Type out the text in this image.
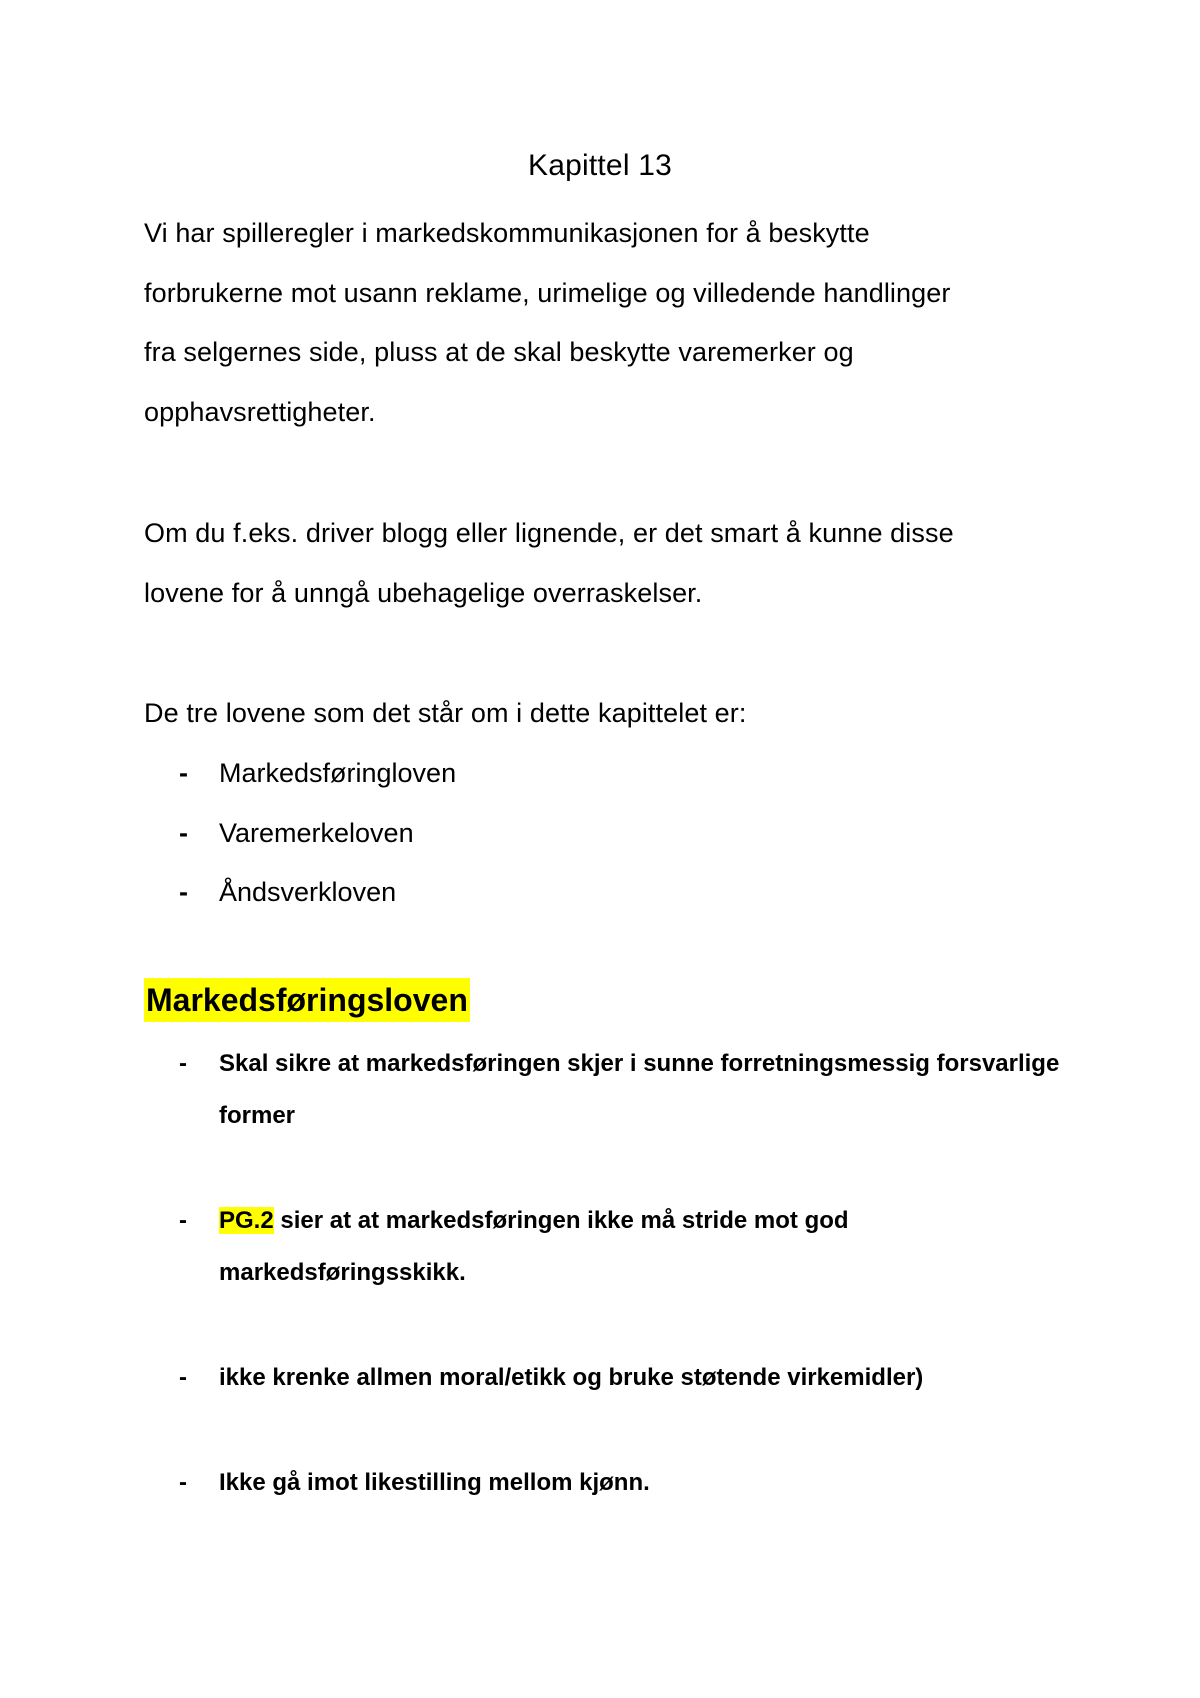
Kapittel 13
Vi har spilleregler i markedskommunikasjonen for å beskytte
forbrukerne mot usann reklame, urimelige og villedende handlinger
fra selgernes side, pluss at de skal beskytte varemerker og
opphavsrettigheter.
Om du f.eks. driver blogg eller lignende, er det smart å kunne disse
lovene for å unngå ubehagelige overraskelser.
De tre lovene som det står om i dette kapittelet er:
- Markedsføringloven
- Varemerkeloven
- Åndsverkloven
Markedsføringsloven
-	Skal sikre at markedsføringen skjer i sunne forretningsmessig forsvarlige
former
-	PG.2 sier at at markedsføringen ikke må stride mot god
markedsføringsskikk.
-	ikke krenke allmen moral/etikk og bruke støtende virkemidler)
-	Ikke gå imot likestilling mellom kjønn.
